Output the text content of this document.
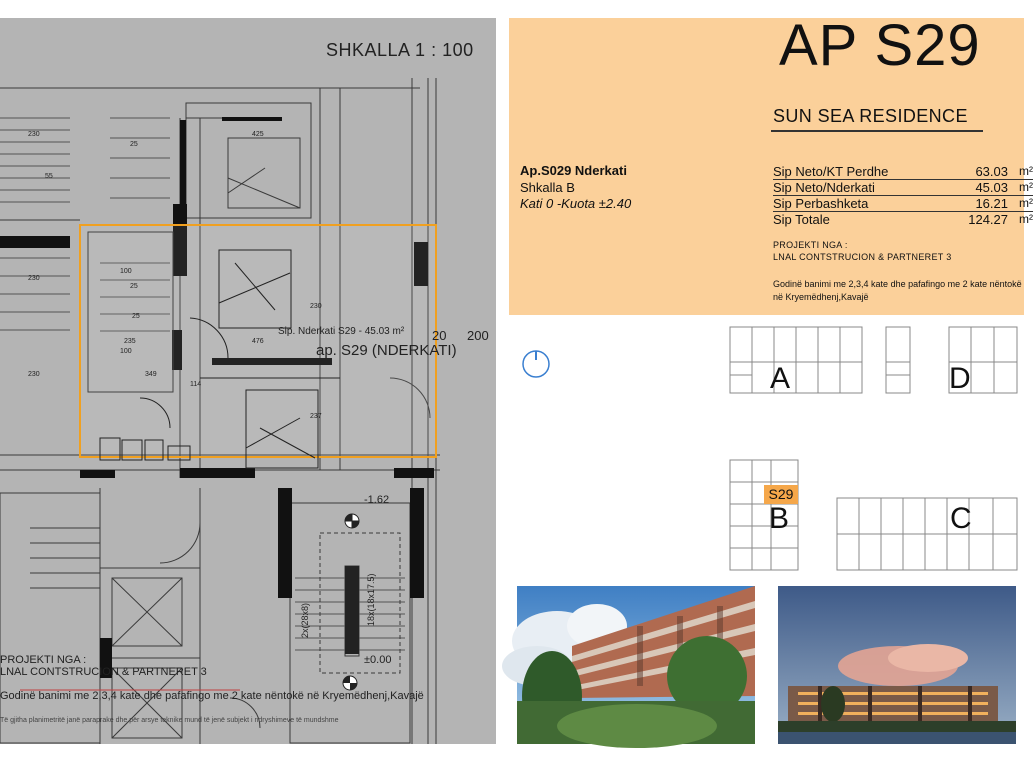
230
230
25
25
55
100
230
25
235
349
425
476
114
230
237
100
SHKALLA 1 : 100
Sip. Nderkati S29 - 45.03 m²
ap. S29 (NDERKATI)
20 200
-1.62
±0.00
18x(18x17.5)
2x(28x8)
PROJEKTI NGA :
LNAL CONTSTRUCION & PARTNERET 3
Godinë banimi me 2,3,4 kate dhe pafafingo me 2 kate nëntokë në Kryemëdhenj,Kavajë
Të gjitha planimetritë janë paraprake dhe për arsye teknike mund të jenë subjekt i ndryshimeve të mundshme
AP S29
SUN SEA RESIDENCE
Ap.S029 Nderkati
Shkalla B
Kati 0 -Kuota ±2.40
Sip Neto/KT Perdhe	63.03 m²
Sip Neto/Nderkati	45.03 m²
Sip Perbashketa	16.21 m²
Sip Totale	124.27 m²
PROJEKTI NGA :
LNAL CONTSTRUCION & PARTNERET 3
Godinë banimi me 2,3,4 kate dhe pafafingo me 2 kate nëntokë në Kryemëdhenj,Kavajë
A	D
B	C
S29
